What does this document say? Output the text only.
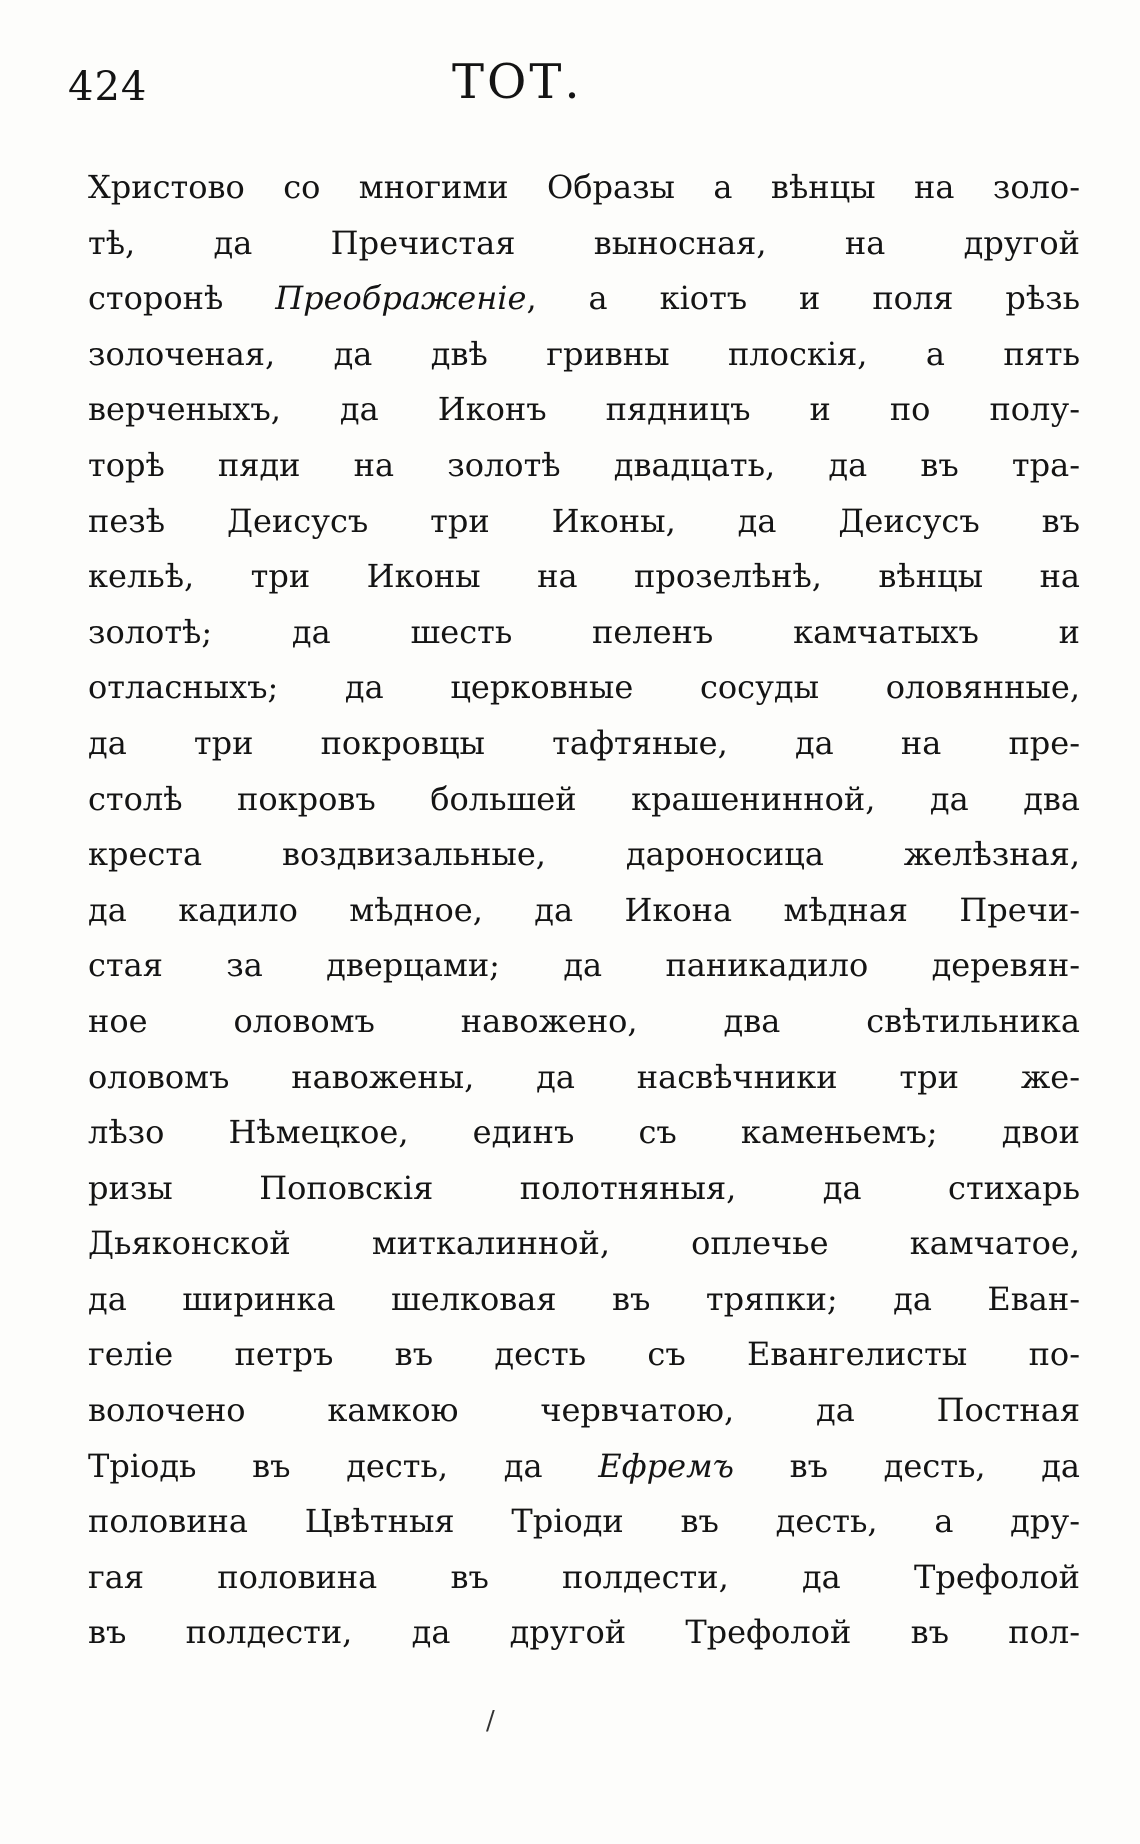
424	ТОТ.
Христово со многими Образы а вѣнцы на золо-
тѣ, да Пречистая выносная, на другой
сторонѣ Преображеніе, а кіотъ и поля рѣзь
золоченая, да двѣ гривны плоскія, а пять
верченыхъ, да Иконъ пядницъ и по полу-
торѣ пяди на золотѣ двадцать, да въ тра-
пезѣ Деисусъ три Иконы, да Деисусъ въ
кельѣ, три Иконы на прозелѣнѣ, вѣнцы на
золотѣ; да шесть пеленъ камчатыхъ и
отласныхъ; да церковные сосуды оловянные,
да три покровцы тафтяные, да на пре-
столѣ покровъ большей крашенинной, да два
креста воздвизальные, дароносица желѣзная,
да кадило мѣдное, да Икона мѣдная Пречи-
стая за дверцами; да паникадило деревян-
ное оловомъ навожено, два свѣтильника
оловомъ навожены, да насвѣчники три же-
лѣзо Нѣмецкое, единъ съ каменьемъ; двои
ризы Поповскія полотняныя, да стихарь
Дьяконской миткалинной, оплечье камчатое,
да ширинка шелковая въ тряпки; да Еван-
геліе петръ въ десть съ Евангелисты по-
волочено камкою червчатою, да Постная
Тріодь въ десть, да Ефремъ въ десть, да
половина Цвѣтныя Тріоди въ десть, а дру-
гая половина въ полдести, да Трефолой
въ полдести, да другой Трефолой въ пол-
/
